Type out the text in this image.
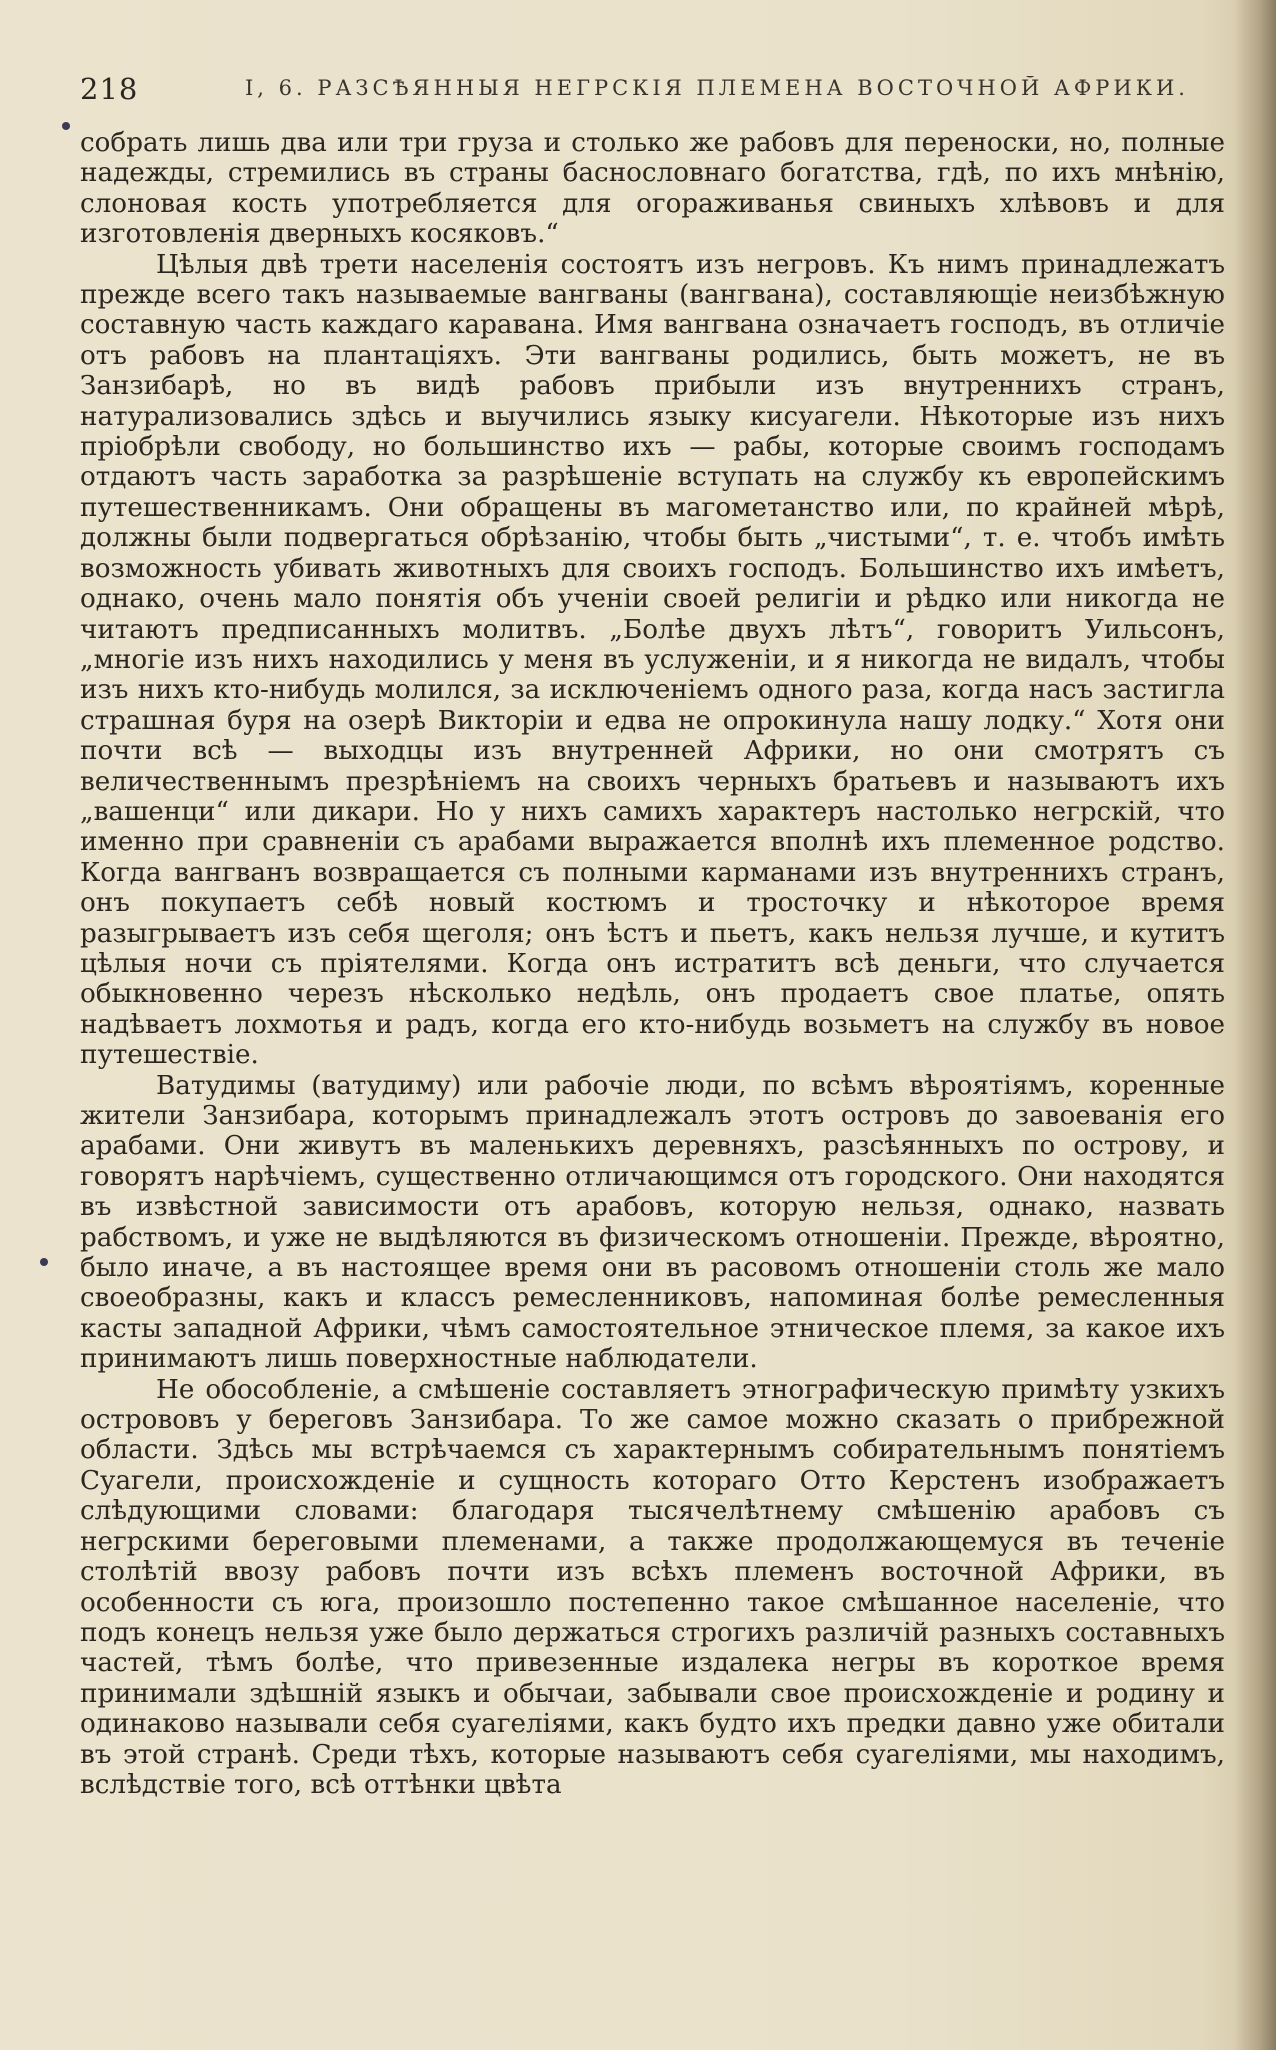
218	I, 6. РАЗСѢЯННЫЯ НЕГРСКІЯ ПЛЕМЕНА ВОСТОЧНОЙ АФРИКИ.

собрать лишь два или три груза и столько же рабовъ для переноски, но, полные надежды, стремились въ страны баснословнаго богатства, гдѣ, по ихъ мнѣнію, слоновая кость употребляется для огораживанья свиныхъ хлѣвовъ и для изготовленія дверныхъ косяковъ.“

Цѣлыя двѣ трети населенія состоятъ изъ негровъ. Къ нимъ принадлежатъ прежде всего такъ называемые вангваны (вангвана), составляющіе неизбѣжную составную часть каждаго каравана. Имя вангвана означаетъ господъ, въ отличіе отъ рабовъ на плантаціяхъ. Эти вангваны родились, быть можетъ, не въ Занзибарѣ, но въ видѣ рабовъ прибыли изъ внутреннихъ странъ, натурализовались здѣсь и выучились языку кисуагели. Нѣкоторые изъ нихъ пріобрѣли свободу, но большинство ихъ — рабы, которые своимъ господамъ отдаютъ часть заработка за разрѣшеніе вступать на службу къ европейскимъ путешественникамъ. Они обращены въ магометанство или, по крайней мѣрѣ, должны были подвергаться обрѣзанію, чтобы быть „чистыми“, т. е. чтобъ имѣть возможность убивать животныхъ для своихъ господъ. Большинство ихъ имѣетъ, однако, очень мало понятія объ ученіи своей религіи и рѣдко или никогда не читаютъ предписанныхъ молитвъ. „Болѣе двухъ лѣтъ“, говоритъ Уильсонъ, „многіе изъ нихъ находились у меня въ услуженіи, и я никогда не видалъ, чтобы изъ нихъ кто-нибудь молился, за исключеніемъ одного раза, когда насъ застигла страшная буря на озерѣ Викторіи и едва не опрокинула нашу лодку.“ Хотя они почти всѣ — выходцы изъ внутренней Африки, но они смотрятъ съ величественнымъ презрѣніемъ на своихъ черныхъ братьевъ и называютъ ихъ „вашенци“ или дикари. Но у нихъ самихъ характеръ настолько негрскій, что именно при сравненіи съ арабами выражается вполнѣ ихъ племенное родство. Когда вангванъ возвращается съ полными карманами изъ внутреннихъ странъ, онъ покупаетъ себѣ новый костюмъ и тросточку и нѣкоторое время разыгрываетъ изъ себя щеголя; онъ ѣстъ и пьетъ, какъ нельзя лучше, и кутитъ цѣлыя ночи съ пріятелями. Когда онъ истратитъ всѣ деньги, что случается обыкновенно черезъ нѣсколько недѣль, онъ продаетъ свое платье, опять надѣваетъ лохмотья и радъ, когда его кто-нибудь возьметъ на службу въ новое путешествіе.

Ватудимы (ватудиму) или рабочіе люди, по всѣмъ вѣроятіямъ, коренные жители Занзибара, которымъ принадлежалъ этотъ островъ до завоеванія его арабами. Они живутъ въ маленькихъ деревняхъ, разсѣянныхъ по острову, и говорятъ нарѣчіемъ, существенно отличающимся отъ городского. Они находятся въ извѣстной зависимости отъ арабовъ, которую нельзя, однако, назвать рабствомъ, и уже не выдѣляются въ физическомъ отношеніи. Прежде, вѣроятно, было иначе, а въ настоящее время они въ расовомъ отношеніи столь же мало своеобразны, какъ и классъ ремесленниковъ, напоминая болѣе ремесленныя касты западной Африки, чѣмъ самостоятельное этническое племя, за какое ихъ принимаютъ лишь поверхностные наблюдатели.

Не обособленіе, а смѣшеніе составляетъ этнографическую примѣту узкихъ острововъ у береговъ Занзибара. То же самое можно сказать о прибрежной области. Здѣсь мы встрѣчаемся съ характернымъ собирательнымъ понятіемъ Суагели, происхожденіе и сущность котораго Отто Керстенъ изображаетъ слѣдующими словами: благодаря тысячелѣтнему смѣшенію арабовъ съ негрскими береговыми племенами, а также продолжающемуся въ теченіе столѣтій ввозу рабовъ почти изъ всѣхъ племенъ восточной Африки, въ особенности съ юга, произошло постепенно такое смѣшанное населеніе, что подъ конецъ нельзя уже было держаться строгихъ различій разныхъ составныхъ частей, тѣмъ болѣе, что привезенные издалека негры въ короткое время принимали здѣшній языкъ и обычаи, забывали свое происхожденіе и родину и одинаково называли себя суагеліями, какъ будто ихъ предки давно уже обитали въ этой странѣ. Среди тѣхъ, которые называютъ себя суагеліями, мы находимъ, вслѣдствіе того, всѣ оттѣнки цвѣта
